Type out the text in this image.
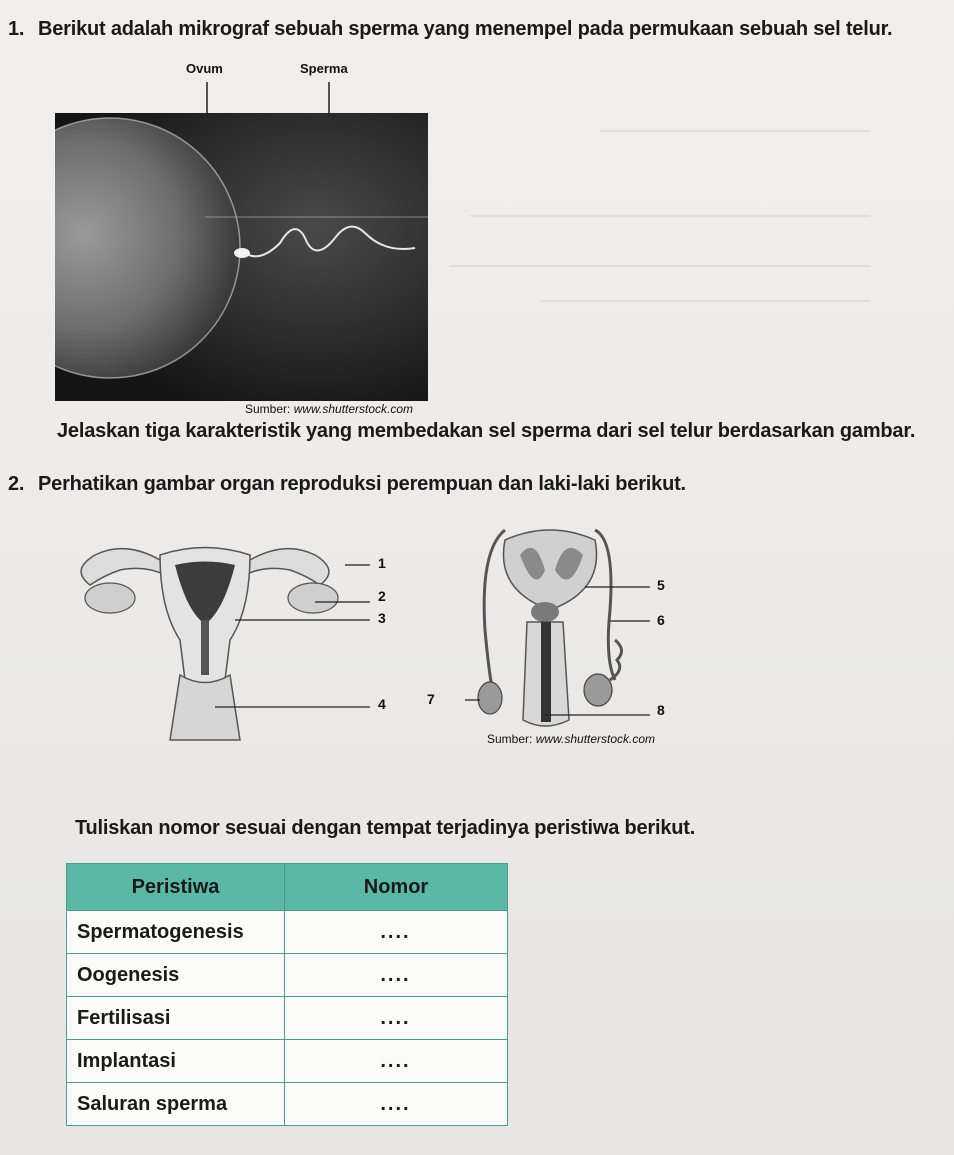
1. Berikut adalah mikrograf sebuah sperma yang menempel pada permukaan sebuah sel telur.
Ovum	Sperma
Sumber: www.shutterstock.com
Jelaskan tiga karakteristik yang membedakan sel sperma dari sel telur berdasarkan gambar.
2. Perhatikan gambar organ reproduksi perempuan dan laki-laki berikut.
1
2
3
4
5
6
7
8
Sumber: www.shutterstock.com
Tuliskan nomor sesuai dengan tempat terjadinya peristiwa berikut.
Peristiwa	Nomor
Spermatogenesis	....
Oogenesis	....
Fertilisasi	....
Implantasi	....
Saluran sperma	....
